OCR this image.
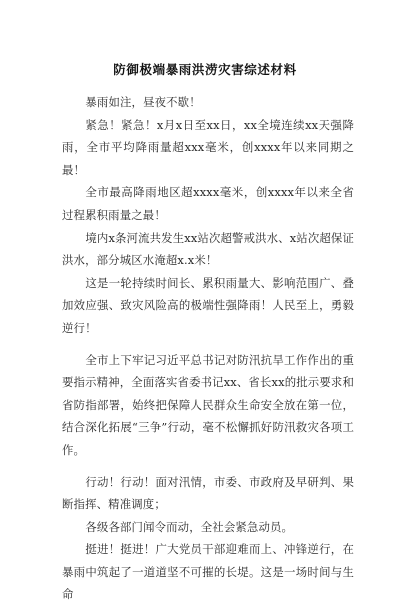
防御极端暴雨洪涝灾害综述材料

暴雨如注，昼夜不歇！

紧急！紧急！x月x日至xx日，xx全境连续xx天强降雨，全市平均降雨量超xxx毫米，创xxxx年以来同期之最！

全市最高降雨地区超xxxx毫米，创xxxx年以来全省过程累积雨量之最！

境内x条河流共发生xx站次超警戒洪水、x站次超保证洪水，部分城区水淹超x.x米！

这是一轮持续时间长、累积雨量大、影响范围广、叠加效应强、致灾风险高的极端性强降雨！人民至上，勇毅逆行！

全市上下牢记习近平总书记对防汛抗旱工作作出的重要指示精神，全面落实省委书记xx、省长xx的批示要求和省防指部署，始终把保障人民群众生命安全放在第一位，结合深化拓展“三争”行动，毫不松懈抓好防汛救灾各项工作。

行动！行动！面对汛情，市委、市政府及早研判、果断指挥、精准调度；

各级各部门闻令而动，全社会紧急动员。

挺进！挺进！广大党员干部迎难而上、冲锋逆行，在暴雨中筑起了一道道坚不可摧的长堤。这是一场时间与生命
